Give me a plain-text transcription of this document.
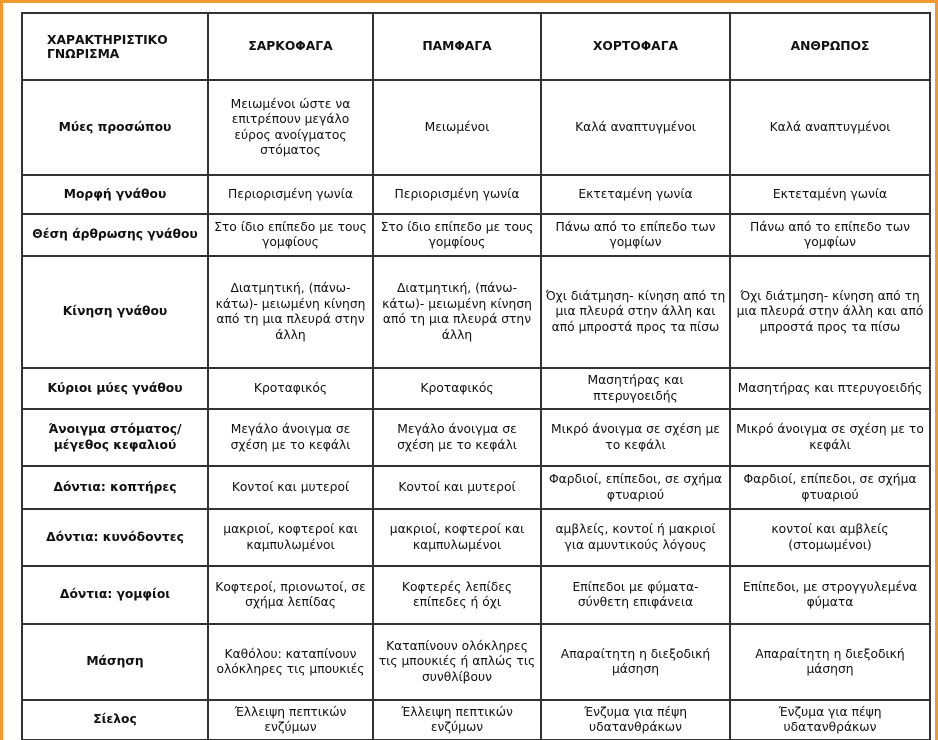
ΧΑΡΑΚΤΗΡΙΣΤΙΚΟ ΓΝΩΡΙΣΜΑ	ΣΑΡΚΟΦΑΓΑ	ΠΑΜΦΑΓΑ	ΧΟΡΤΟΦΑΓΑ	ΑΝΘΡΩΠΟΣ
Μύες προσώπου	Μειωμένοι ώστε να επιτρέπουν μεγάλο εύρος ανοίγματος στόματος	Μειωμένοι	Καλά αναπτυγμένοι	Καλά αναπτυγμένοι
Μορφή γνάθου	Περιορισμένη γωνία	Περιορισμένη γωνία	Εκτεταμένη γωνία	Εκτεταμένη γωνία
Θέση άρθρωσης γνάθου	Στο ίδιο επίπεδο με τους γομφίους	Στο ίδιο επίπεδο με τους γομφίους	Πάνω από το επίπεδο των γομφίων	Πάνω από το επίπεδο των γομφίων
Κίνηση γνάθου	Διατμητική, (πάνω-κάτω)- μειωμένη κίνηση από τη μια πλευρά στην άλλη	Διατμητική, (πάνω-κάτω)- μειωμένη κίνηση από τη μια πλευρά στην άλλη	Όχι διάτμηση- κίνηση από τη μια πλευρά στην άλλη και από μπροστά προς τα πίσω	Όχι διάτμηση- κίνηση από τη μια πλευρά στην άλλη και από μπροστά προς τα πίσω
Κύριοι μύες γνάθου	Κροταφικός	Κροταφικός	Μασητήρας και πτερυγοειδής	Μασητήρας και πτερυγοειδής
Άνοιγμα στόματος/ μέγεθος κεφαλιού	Μεγάλο άνοιγμα σε σχέση με το κεφάλι	Μεγάλο άνοιγμα σε σχέση με το κεφάλι	Μικρό άνοιγμα σε σχέση με το κεφάλι	Μικρό άνοιγμα σε σχέση με το κεφάλι
Δόντια: κοπτήρες	Κοντοί και μυτεροί	Κοντοί και μυτεροί	Φαρδιοί, επίπεδοι, σε σχήμα φτυαριού	Φαρδιοί, επίπεδοι, σε σχήμα φτυαριού
Δόντια: κυνόδοντες	μακριοί, κοφτεροί και καμπυλωμένοι	μακριοί, κοφτεροί και καμπυλωμένοι	αμβλείς, κοντοί ή μακριοί για αμυντικούς λόγους	κοντοί και αμβλείς (στομωμένοι)
Δόντια: γομφίοι	Κοφτεροί, πριονωτοί, σε σχήμα λεπίδας	Κοφτερές λεπίδες επίπεδες ή όχι	Επίπεδοι με φύματα- σύνθετη επιφάνεια	Επίπεδοι, με στρογγυλεμένα φύματα
Μάσηση	Καθόλου: καταπίνουν ολόκληρες τις μπουκιές	Καταπίνουν ολόκληρες τις μπουκιές ή απλώς τις συνθλίβουν	Απαραίτητη η διεξοδική μάσηση	Απαραίτητη η διεξοδική μάσηση
Σίελος	Έλλειψη πεπτικών ενζύμων	Έλλειψη πεπτικών ενζύμων	Ένζυμα για πέψη υδατανθράκων	Ένζυμα για πέψη υδατανθράκων
